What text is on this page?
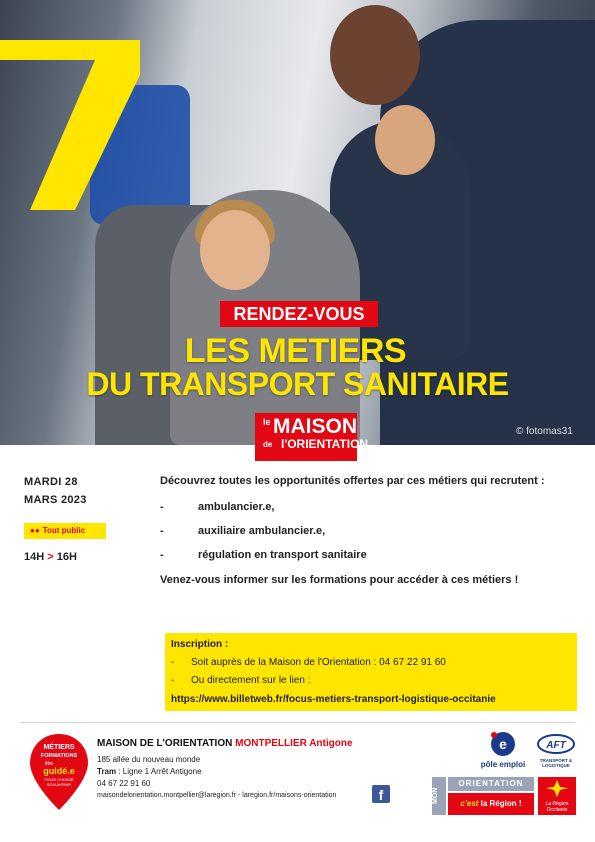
RENDEZ-VOUS
LES METIERS
DU TRANSPORT SANITAIRE
le MAISON
de l'ORIENTATION
© fotomas31
MARDI 28
MARS 2023
●● Tout public
14H > 16H
Découvrez toutes les opportunités offertes par ces métiers qui recrutent :
-	ambulancier.e,
-	auxiliaire ambulancier.e,
-	régulation en transport sanitaire
Venez-vous informer sur les formations pour accéder à ces métiers !
Inscription :
- Soit auprès de la Maison de l'Orientation : 04 67 22 91 60
- Ou directement sur le lien :
https://www.billetweb.fr/focus-metiers-transport-logistique-occitanie
MÉTIERS
FORMATIONS
être
guidé.e
POUR CHOISIR
SON AVENIR
MAISON DE L'ORIENTATION MONTPELLIER Antigone
185 allée du nouveau monde
Tram : Ligne 1 Arrêt Antigone
04 67 22 91 60
maisondelorientation.montpellier@laregion.fr - laregion.fr/maisons-orientation	f
e
pôle emploi
AFT
TRANSPORT & LOGISTIQUE
MON
ORIENTATION
c'est la Région !	La Région Occitanie
